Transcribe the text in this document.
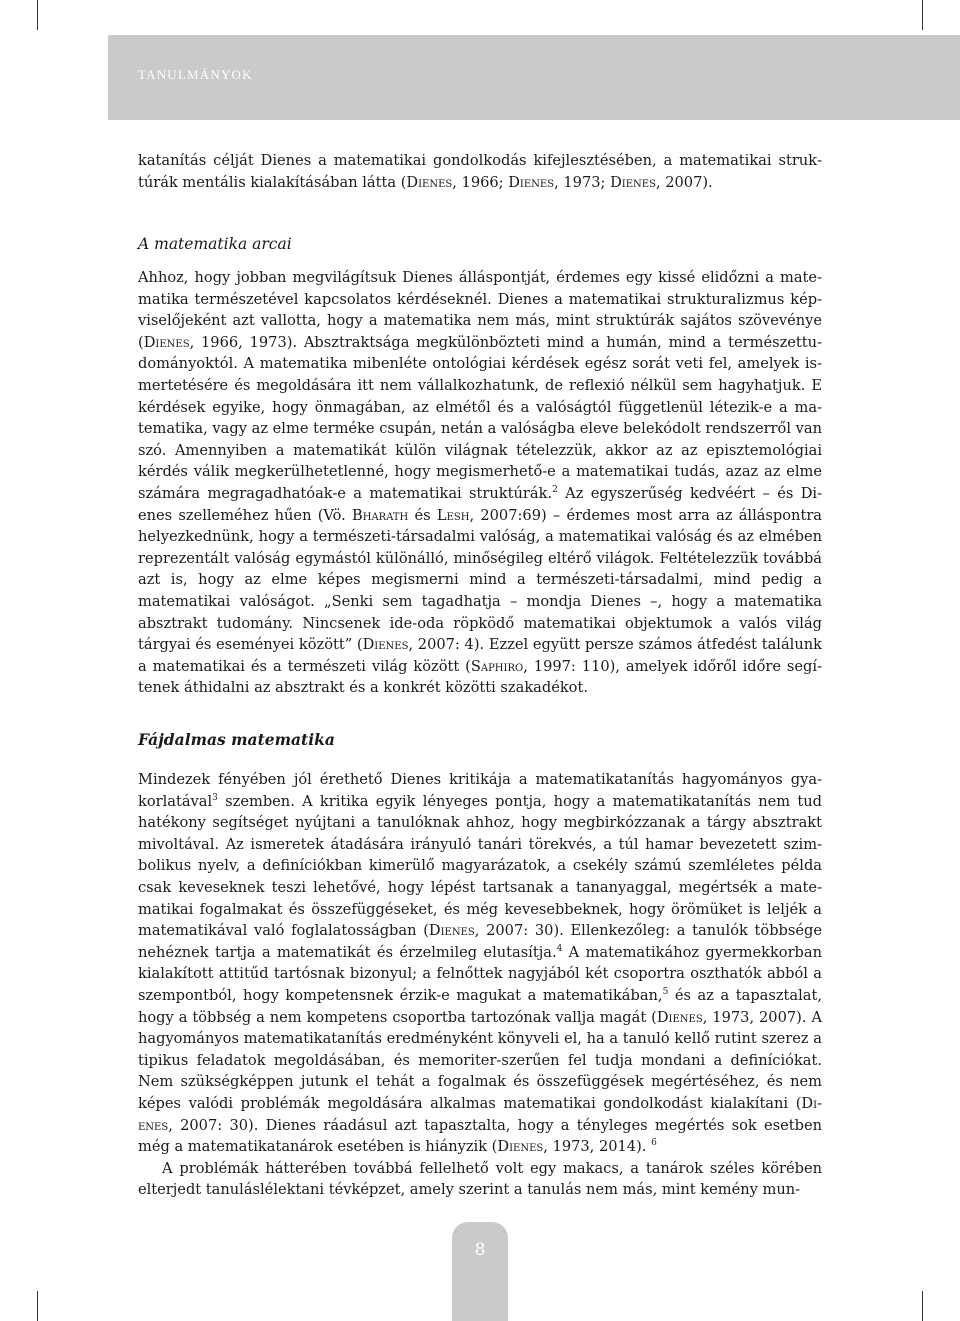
TANULMÁNYOK

katanítás célját Dienes a matematikai gondolkodás kifejlesztésében, a matematikai struktúrák mentális kialakításában látta (Dienes, 1966; Dienes, 1973; Dienes, 2007).

A matematika arcai

Ahhoz, hogy jobban megvilágítsuk Dienes álláspontját, érdemes egy kissé elidőzni a matematika természetével kapcsolatos kérdéseknél. Dienes a matematikai strukturalizmus képviselőjeként azt vallotta, hogy a matematika nem más, mint struktúrák sajátos szövevénye (Dienes, 1966, 1973). Absztraktsága megkülönbözteti mind a humán, mind a természettudományoktól. A matematika mibenléte ontológiai kérdések egész sorát veti fel, amelyek ismertetésére és megoldására itt nem vállalkozhatunk, de reflexió nélkül sem hagyhatjuk. E kérdések egyike, hogy önmagában, az elmétől és a valóságtól függetlenül létezik-e a matematika, vagy az elme terméke csupán, netán a valóságba eleve belekódolt rendszerről van szó. Amennyiben a matematikát külön világnak tételezzük, akkor az az episztemológiai kérdés válik megkerülhetetlenné, hogy megismerhető-e a matematikai tudás, azaz az elme számára megragadhatóak-e a matematikai struktúrák.$^2$ Az egyszerűség kedvéért – és Dienes szelleméhez hűen (Vö. Bharath és Lesh, 2007:69) – érdemes most arra az álláspontra helyezkednünk, hogy a természeti-társadalmi valóság, a matematikai valóság és az elmében reprezentált valóság egymástól különálló, minőségileg eltérő világok. Feltételezzük továbbá azt is, hogy az elme képes megismerni mind a természeti-társadalmi, mind pedig a matematikai valóságot. „Senki sem tagadhatja – mondja Dienes –, hogy a matematika absztrakt tudomány. Nincsenek ide-oda röpködő matematikai objektumok a valós világ tárgyai és eseményei között” (Dienes, 2007: 4). Ezzel együtt persze számos átfedést találunk a matematikai és a természeti világ között (Saphiro, 1997: 110), amelyek időről időre segítenek áthidalni az absztrakt és a konkrét közötti szakadékot.

Fájdalmas matematika

Mindezek fényében jól érethető Dienes kritikája a matematikatanítás hagyományos gyakorlatával$^3$ szemben. A kritika egyik lényeges pontja, hogy a matematikatanítás nem tud hatékony segítséget nyújtani a tanulóknak ahhoz, hogy megbirkózzanak a tárgy absztrakt mivoltával. Az ismeretek átadására irányuló tanári törekvés, a túl hamar bevezetett szimbolikus nyelv, a definíciókban kimerülő magyarázatok, a csekély számú szemléletes példa csak keveseknek teszi lehetővé, hogy lépést tartsanak a tananyaggal, megértsék a matematikai fogalmakat és összefüggéseket, és még kevesebbeknek, hogy örömüket is leljék a matematikával való foglalatosságban (Dienes, 2007: 30). Ellenkezőleg: a tanulók többsége nehéznek tartja a matematikát és érzelmileg elutasítja.$^4$ A matematikához gyermekkorban kialakított attitűd tartósnak bizonyul; a felnőttek nagyjából két csoportra oszthatók abból a szempontból, hogy kompetensnek érzik-e magukat a matematikában,$^5$ és az a tapasztalat, hogy a többség a nem kompetens csoportba tartozónak vallja magát (Dienes, 1973, 2007). A hagyományos matematikatanítás eredményként könyveli el, ha a tanuló kellő rutint szerez a tipikus feladatok megoldásában, és memoriter-szerűen fel tudja mondani a definíciókat. Nem szükségképpen jutunk el tehát a fogalmak és összefüggések megértéséhez, és nem képes valódi problémák megoldására alkalmas matematikai gondolkodást kialakítani (Dienes, 2007: 30). Dienes ráadásul azt tapasztalta, hogy a tényleges megértés sok esetben még a matematikatanárok esetében is hiányzik (Dienes, 1973, 2014). $^6$

A problémák hátterében továbbá fellelhető volt egy makacs, a tanárok széles körében elterjedt tanuláslélektani tévképzet, amely szerint a tanulás nem más, mint kemény mun-

8
